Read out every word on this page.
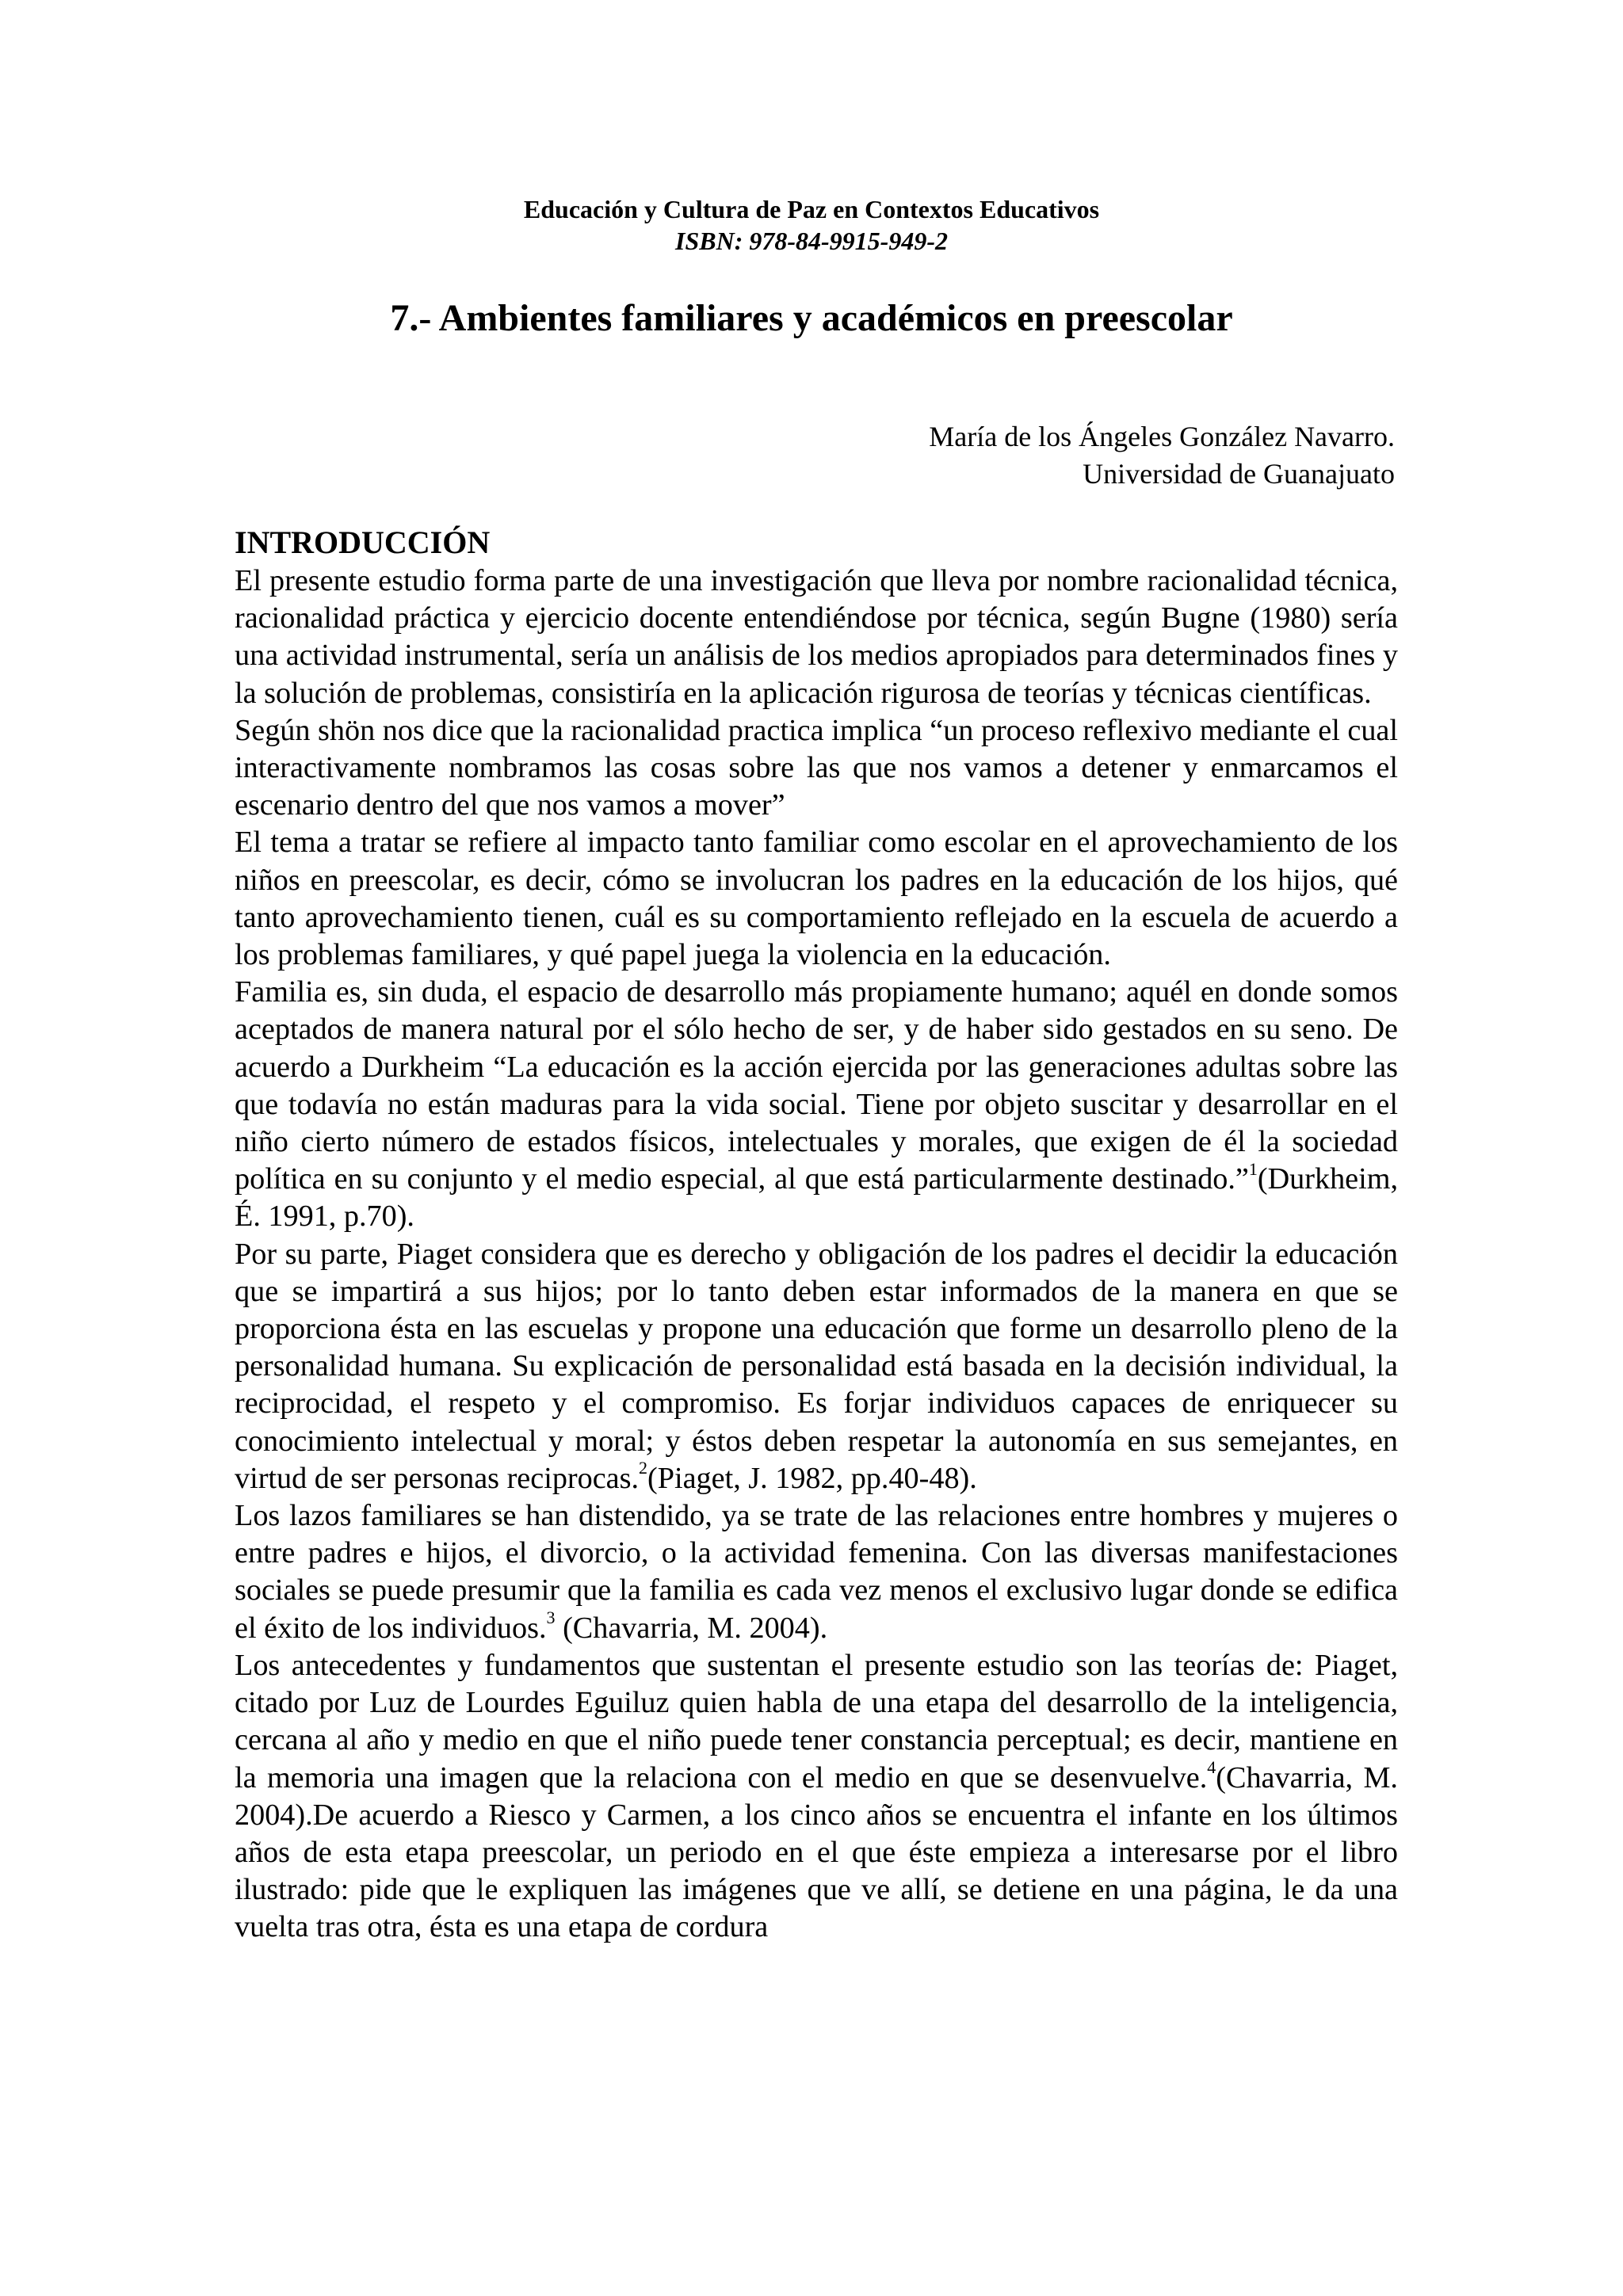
Educación y Cultura de Paz en Contextos Educativos
ISBN: 978-84-9915-949-2
7.- Ambientes familiares y académicos en preescolar
María de los Ángeles González Navarro.
Universidad de Guanajuato
INTRODUCCIÓN

El presente estudio forma parte de una investigación que lleva por nombre racionalidad técnica, racionalidad práctica y ejercicio docente entendiéndose por técnica, según Bugne (1980) sería una actividad instrumental, sería un análisis de los medios apropiados para determinados fines y la solución de problemas, consistiría en la aplicación rigurosa de teorías y técnicas científicas.

Según shön nos dice que la racionalidad practica implica “un proceso reflexivo mediante el cual interactivamente nombramos las cosas sobre las que nos vamos a detener y enmarcamos el escenario dentro del que nos vamos a mover”

El tema a tratar se refiere al impacto tanto familiar como escolar en el aprovechamiento de los niños en preescolar, es decir, cómo se involucran los padres en la educación de los hijos, qué tanto aprovechamiento tienen, cuál es su comportamiento reflejado en la escuela de acuerdo a los problemas familiares, y qué papel juega la violencia en la educación.

Familia es, sin duda, el espacio de desarrollo más propiamente humano; aquél en donde somos aceptados de manera natural por el sólo hecho de ser, y de haber sido gestados en su seno. De acuerdo a Durkheim “La educación es la acción ejercida por las generaciones adultas sobre las que todavía no están maduras para la vida social. Tiene por objeto suscitar y desarrollar en el niño cierto número de estados físicos, intelectuales y morales, que exigen de él la sociedad política en su conjunto y el medio especial, al que está particularmente destinado.”$^1$(Durkheim, É. 1991, p.70).

Por su parte, Piaget considera que es derecho y obligación de los padres el decidir la educación que se impartirá a sus hijos; por lo tanto deben estar informados de la manera en que se proporciona ésta en las escuelas y propone una educación que forme un desarrollo pleno de la personalidad humana. Su explicación de personalidad está basada en la decisión individual, la reciprocidad, el respeto y el compromiso. Es forjar individuos capaces de enriquecer su conocimiento intelectual y moral; y éstos deben respetar la autonomía en sus semejantes, en virtud de ser personas reciprocas.$^2$(Piaget, J. 1982, pp.40-48).

Los lazos familiares se han distendido, ya se trate de las relaciones entre hombres y mujeres o entre padres e hijos, el divorcio, o la actividad femenina. Con las diversas manifestaciones sociales se puede presumir que la familia es cada vez menos el exclusivo lugar donde se edifica el éxito de los individuos.$^3$ (Chavarria, M. 2004).

Los antecedentes y fundamentos que sustentan el presente estudio son las teorías de: Piaget, citado por Luz de Lourdes Eguiluz quien habla de una etapa del desarrollo de la inteligencia, cercana al año y medio en que el niño puede tener constancia perceptual; es decir, mantiene en la memoria una imagen que la relaciona con el medio en que se desenvuelve.$^4$(Chavarria, M. 2004).De acuerdo a Riesco y Carmen, a los cinco años se encuentra el infante en los últimos años de esta etapa preescolar, un periodo en el que éste empieza a interesarse por el libro ilustrado: pide que le expliquen las imágenes que ve allí, se detiene en una página, le da una vuelta tras otra, ésta es una etapa de cordura
